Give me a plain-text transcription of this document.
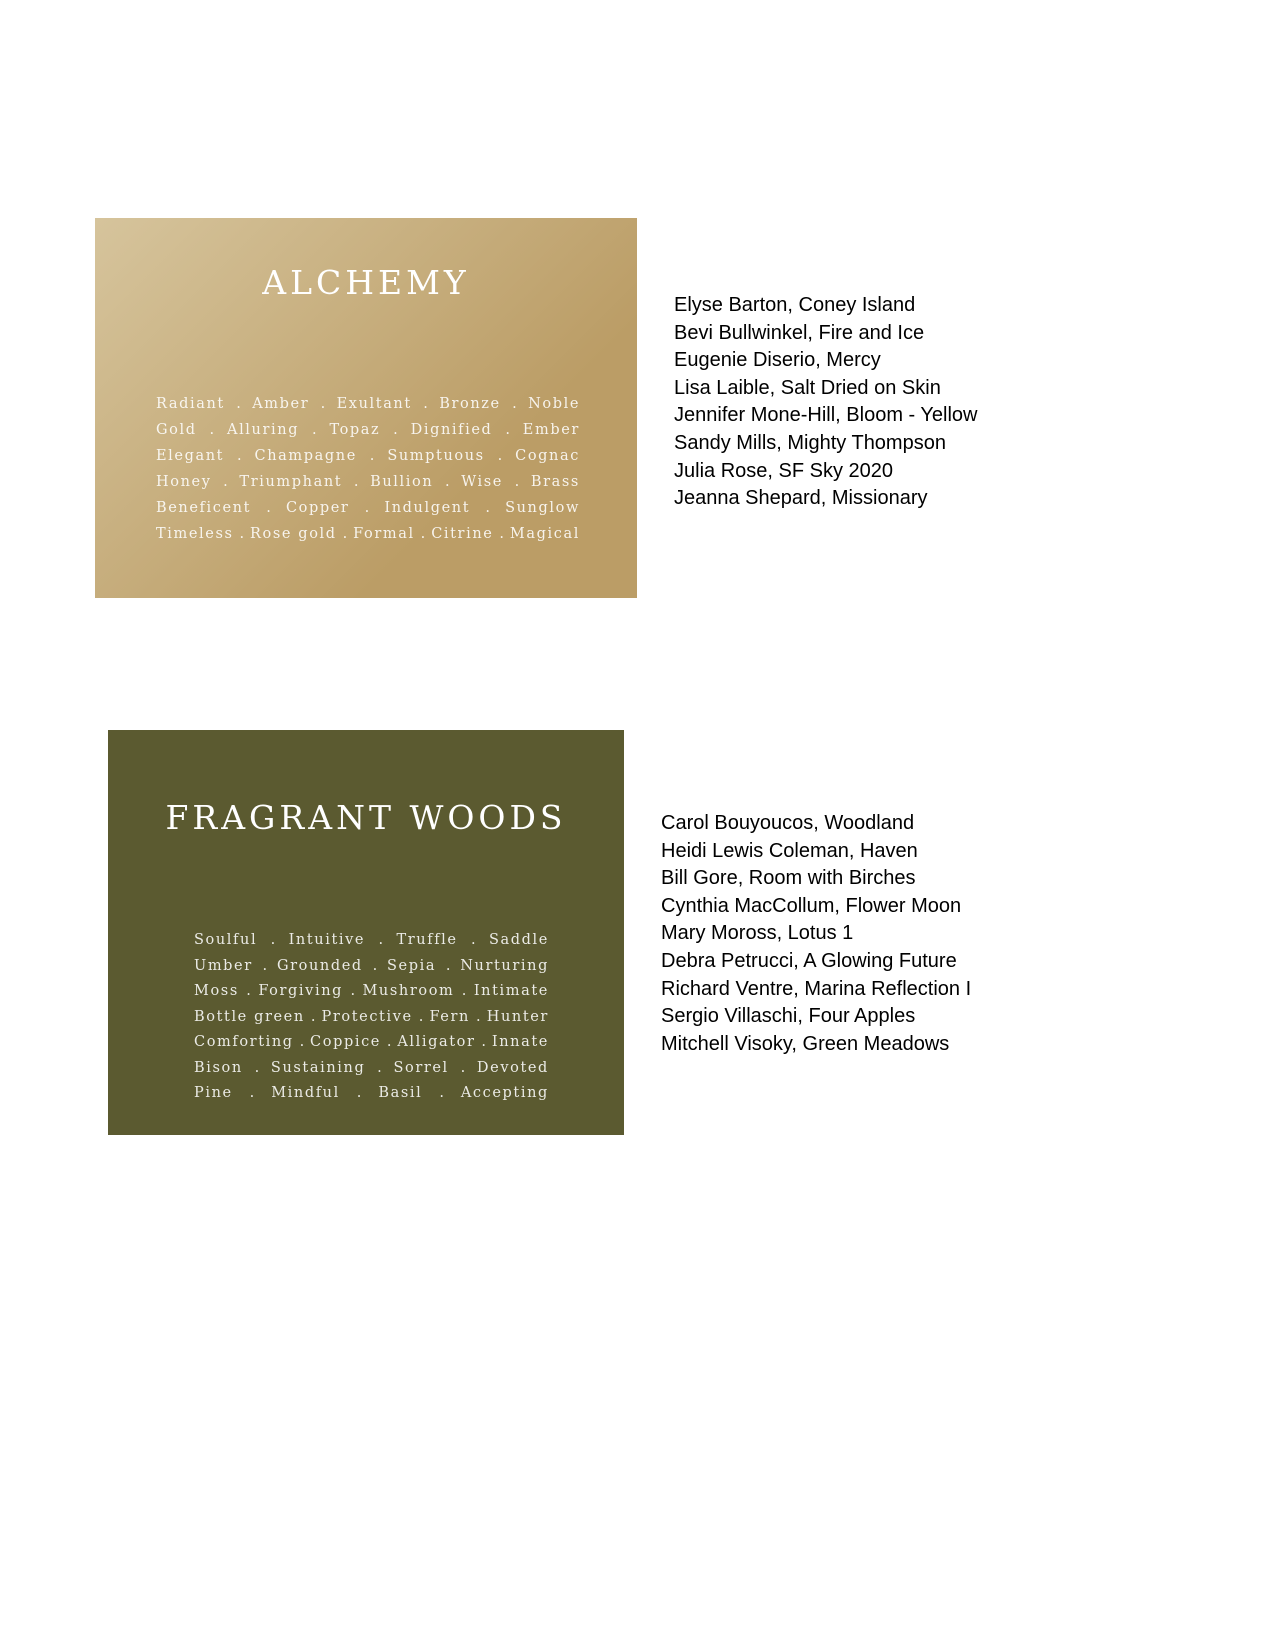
ALCHEMY
Radiant . Amber . Exultant . Bronze . Noble
Gold . Alluring . Topaz . Dignified . Ember
Elegant . Champagne . Sumptuous . Cognac
Honey . Triumphant . Bullion . Wise . Brass
Beneficent . Copper . Indulgent . Sunglow
Timeless . Rose gold . Formal . Citrine . Magical
Elyse Barton, Coney Island
Bevi Bullwinkel, Fire and Ice
Eugenie Diserio, Mercy
Lisa Laible, Salt Dried on Skin
Jennifer Mone-Hill, Bloom - Yellow
Sandy Mills, Mighty Thompson
Julia Rose, SF Sky 2020
Jeanna Shepard, Missionary
FRAGRANT WOODS
Soulful . Intuitive . Truffle . Saddle
Umber . Grounded . Sepia . Nurturing
Moss . Forgiving . Mushroom . Intimate
Bottle green . Protective . Fern . Hunter
Comforting . Coppice . Alligator . Innate
Bison . Sustaining . Sorrel . Devoted
Pine . Mindful . Basil . Accepting
Carol Bouyoucos, Woodland
Heidi Lewis Coleman, Haven
Bill Gore, Room with Birches
Cynthia MacCollum, Flower Moon
Mary Moross, Lotus 1
Debra Petrucci, A Glowing Future
Richard Ventre, Marina Reflection I
Sergio Villaschi, Four Apples
Mitchell Visoky, Green Meadows
